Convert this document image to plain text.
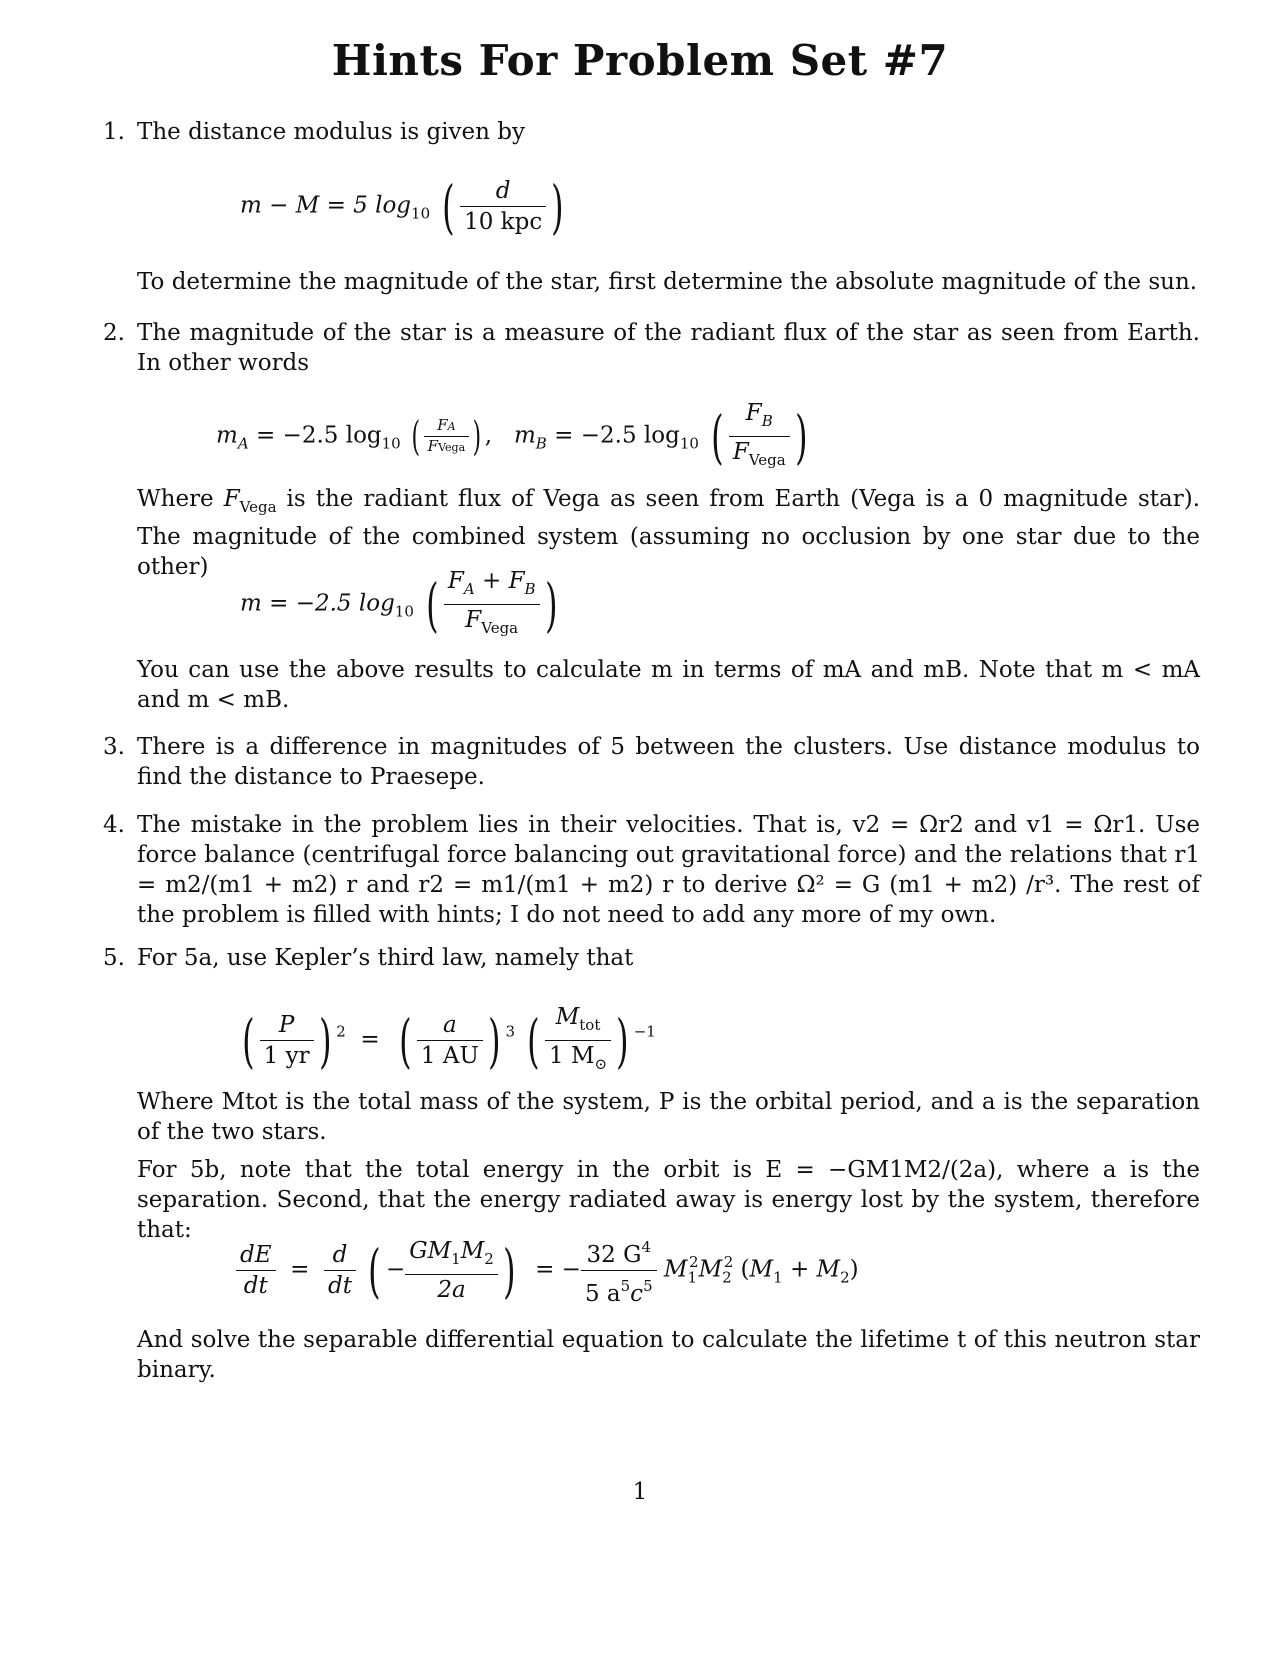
Hints For Problem Set #7
1. The distance modulus is given by
m − M = 5 $\log_{10}$ ( $\frac{d}{\text{10 kpc}}$ )
To determine the magnitude of the star, first determine the absolute magnitude of the sun.
2. The magnitude of the star is a measure of the radiant flux of the star as seen from Earth. In other words
$m_A = -2.5$ $\log_{10}$ ( $\frac{FA}{\text{FVega}}$ ) ,   $m_B = -2.5$ $\log_{10}$ ( $\frac{F_B}{F_{Vega}}$ )
Where $F_{Vega}$ is the radiant flux of Vega as seen from Earth (Vega is a 0 magnitude star). The magnitude of the combined system (assuming no occlusion by one star due to the other)
m = −2.5 $\log_{10}$ ( $\frac{F_A + F_B}{F_{Vega}}$ )
You can use the above results to calculate m in terms of mA and mB. Note that m < mA and m < mB.
3. There is a difference in magnitudes of 5 between the clusters. Use distance modulus to find the distance to Praesepe.
4. The mistake in the problem lies in their velocities. That is, v2 = Ωr2 and v1 = Ωr1. Use force balance (centrifugal force balancing out gravitational force) and the relations that r1 = m2/(m1 + m2) r and r2 = m1/(m1 + m2) r to derive Ω² = G (m1 + m2) /r³. The rest of the problem is filled with hints; I do not need to add any more of my own.
5. For 5a, use Kepler’s third law, namely that
( $\frac{P}{1 yr}$ ) $^2$  =  ( $\frac{a}{1 AU}$ ) $^3$ ( $\frac{M_{tot}}{1 M_⊙}$ ) $^{-1}$
Where Mtot is the total mass of the system, P is the orbital period, and a is the separation of the two stars.
For 5b, note that the total energy in the orbit is E = −GM1M2/(2a), where a is the separation. Second, that the energy radiated away is energy lost by the system, therefore that:
$\frac{dE}{dt} = \frac{d}{dt}$ ( − $\frac{GM_1M_2}{2a}$ )  = − $\frac{32 G^4}{5 a^5c^5} M_1^2M_2^2$ $(M_1 + M_2)$
And solve the separable differential equation to calculate the lifetime t of this neutron star binary.
1
